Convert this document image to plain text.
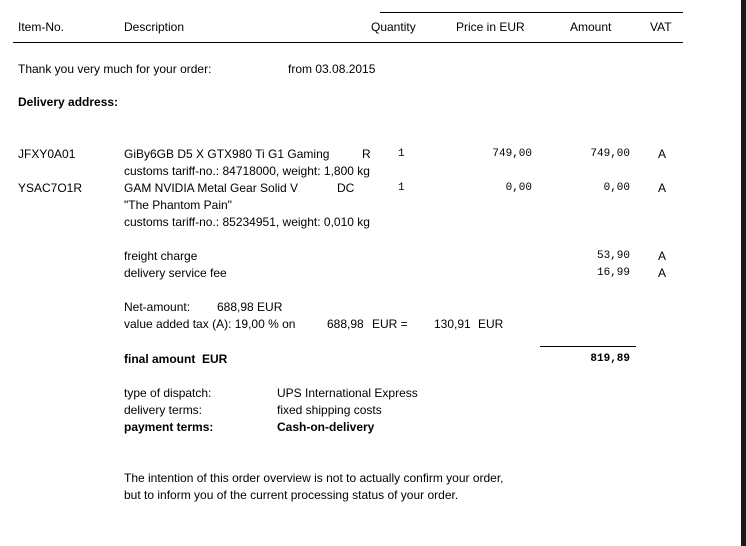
Item-No.	Description	Quantity	Price in EUR	Amount	VAT
Thank you very much for your order:	from 03.08.2015
Delivery address:
JFXY0A01	GiBy6GB D5 X GTX980 Ti G1 Gaming	R 1	749,00	749,00 A
customs tariff-no.: 84718000, weight: 1,800 kg
YSAC7O1R	GAM NVIDIA Metal Gear Solid V	DC	1	0,00	0,00 A
"The Phantom Pain"
customs tariff-no.: 85234951, weight: 0,010 kg
freight charge	53,90 A
delivery service fee	16,99 A
Net-amount: 688,98 EUR
value added tax (A): 19,00 % on	688,98 EUR = 130,91 EUR
final amount  EUR	819,89
type of dispatch:	UPS International Express
delivery terms:	fixed shipping costs
payment terms:	Cash-on-delivery
The intention of this order overview is not to actually confirm your order,
but to inform you of the current processing status of your order.
